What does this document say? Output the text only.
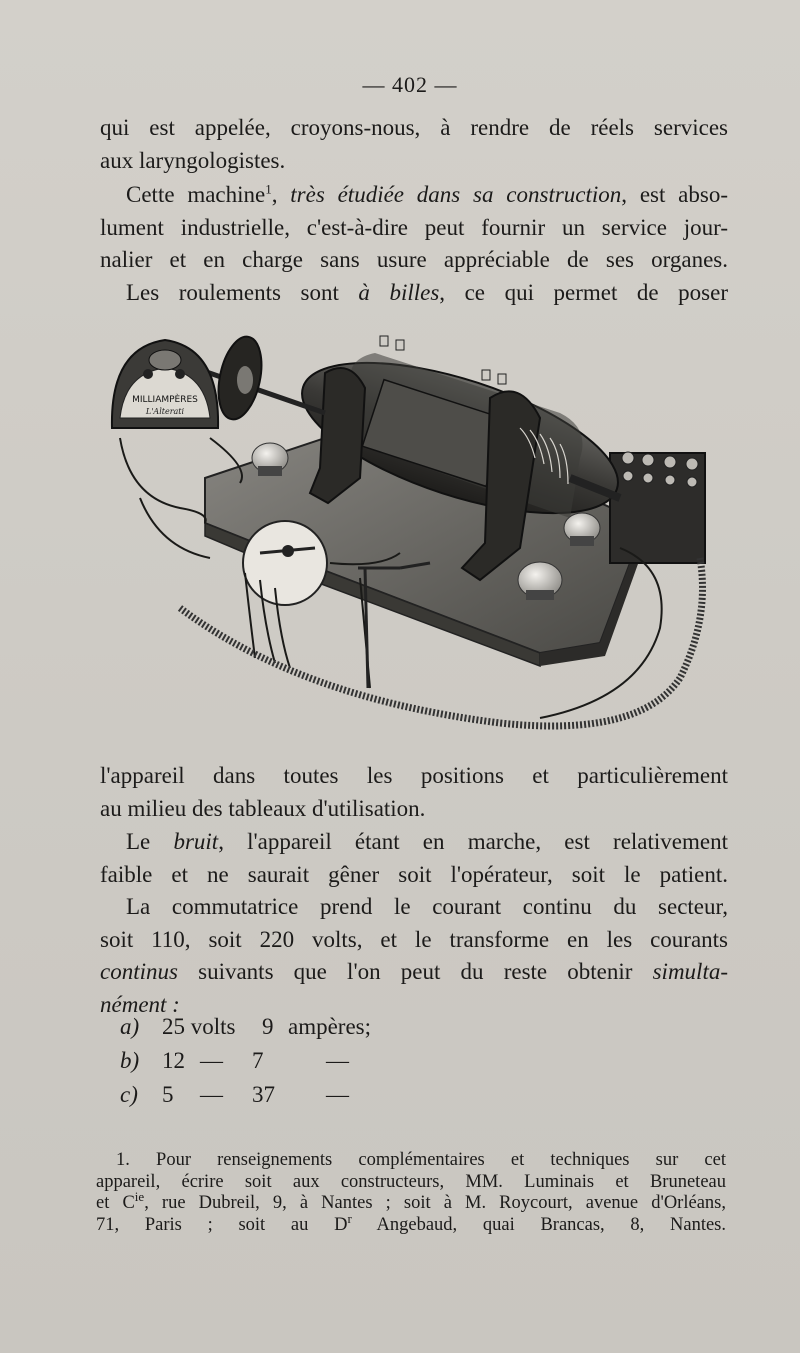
— 402 —
qui est appelée, croyons-nous, à rendre de réels services
aux laryngologistes.
Cette machine$^1$, très étudiée dans sa construction, est abso-
lument industrielle, c'est-à-dire peut fournir un service jour-
nalier et en charge sans usure appréciable de ses organes.
Les roulements sont à billes, ce qui permet de poser
MILLIAMPÈRES
L'Alterati
l'appareil dans toutes les positions et particulièrement
au milieu des tableaux d'utilisation.
Le bruit, l'appareil étant en marche, est relativement
faible et ne saurait gêner soit l'opérateur, soit le patient.
La commutatrice prend le courant continu du secteur,
soit 110, soit 220 volts, et le transforme en les courants
continus suivants que l'on peut du reste obtenir simulta-
nément :
a) 25 volts	9 ampères;
b) 12 —	7	—
c)	5	—	37	—
1. Pour renseignements complémentaires et techniques sur cet
appareil, écrire soit aux constructeurs, MM. Luminais et Bruneteau
et $C^{ie}$, rue Dubreil, 9, à Nantes ; soit à M. Roycourt, avenue d'Orléans,
71, Paris ; soit au $D^r$ Angebaud, quai Brancas, 8, Nantes.
